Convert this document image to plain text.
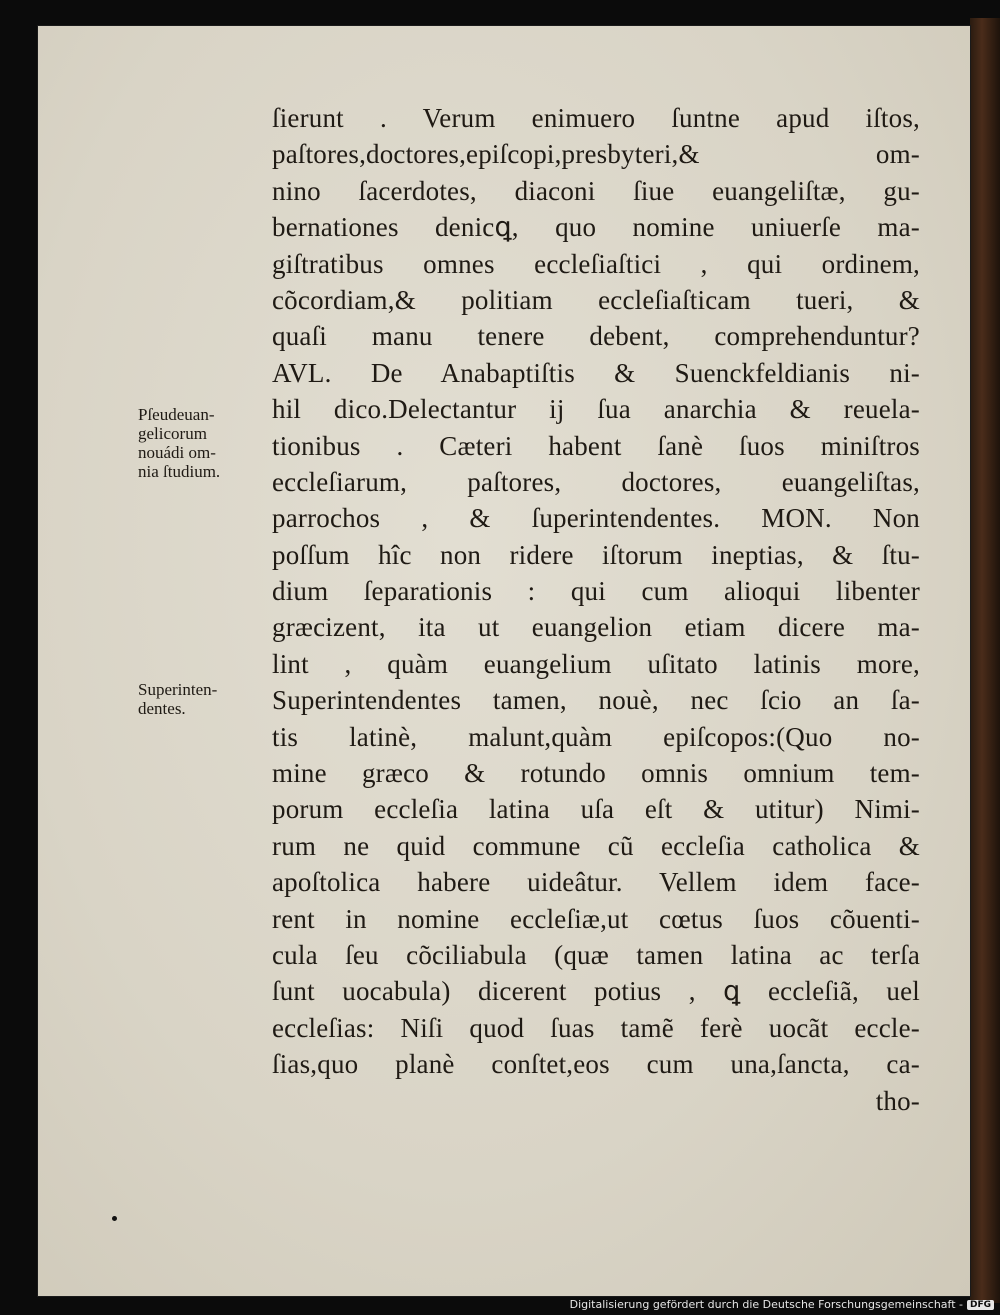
ſierunt . Verum enimuero ſuntne apud iſtos,
paſtores,doctores,epiſcopi,presbyteri,& om-
nino ſacerdotes, diaconi ſiue euangeliſtæ, gu-
bernationes denicꝗ, quo nomine uniuerſe ma-
giſtratibus omnes eccleſiaſtici , qui ordinem,
cõcordiam,& politiam eccleſiaſticam tueri, &
quaſi manu tenere debent, comprehenduntur?
AVL. De Anabaptiſtis & Suenckfeldianis ni-
hil dico.Delectantur ij ſua anarchia & reuela-
tionibus . Cæteri habent ſanè ſuos miniſtros
eccleſiarum, paſtores, doctores, euangeliſtas,
parrochos , & ſuperintendentes. MON. Non
poſſum hîc non ridere iſtorum ineptias, & ſtu-
dium ſeparationis : qui cum alioqui libenter
græcizent, ita ut euangelion etiam dicere ma-
lint , quàm euangelium uſitato latinis more,
Superintendentes tamen, nouè, nec ſcio an ſa-
tis latinè, malunt,quàm epiſcopos:(Quo no-
mine græco & rotundo omnis omnium tem-
porum eccleſia latina uſa eſt & utitur) Nimi-
rum ne quid commune cũ eccleſia catholica &
apoſtolica habere uideâtur. Vellem idem face-
rent in nomine eccleſiæ,ut cœtus ſuos cõuenti-
cula ſeu cõciliabula (quæ tamen latina ac terſa
ſunt uocabula) dicerent potius , ꝗ eccleſiã, uel
eccleſias: Niſi quod ſuas tamẽ ferè uocãt eccle-
ſias,quo planè conſtet,eos cum una,ſancta, ca-
tho-
Pſeudeuan-
gelicorum
nouádi om-
nia ſtudium.
Superinten-
dentes.
Digitalisierung gefördert durch die Deutsche Forschungsgemeinschaft - DFG
